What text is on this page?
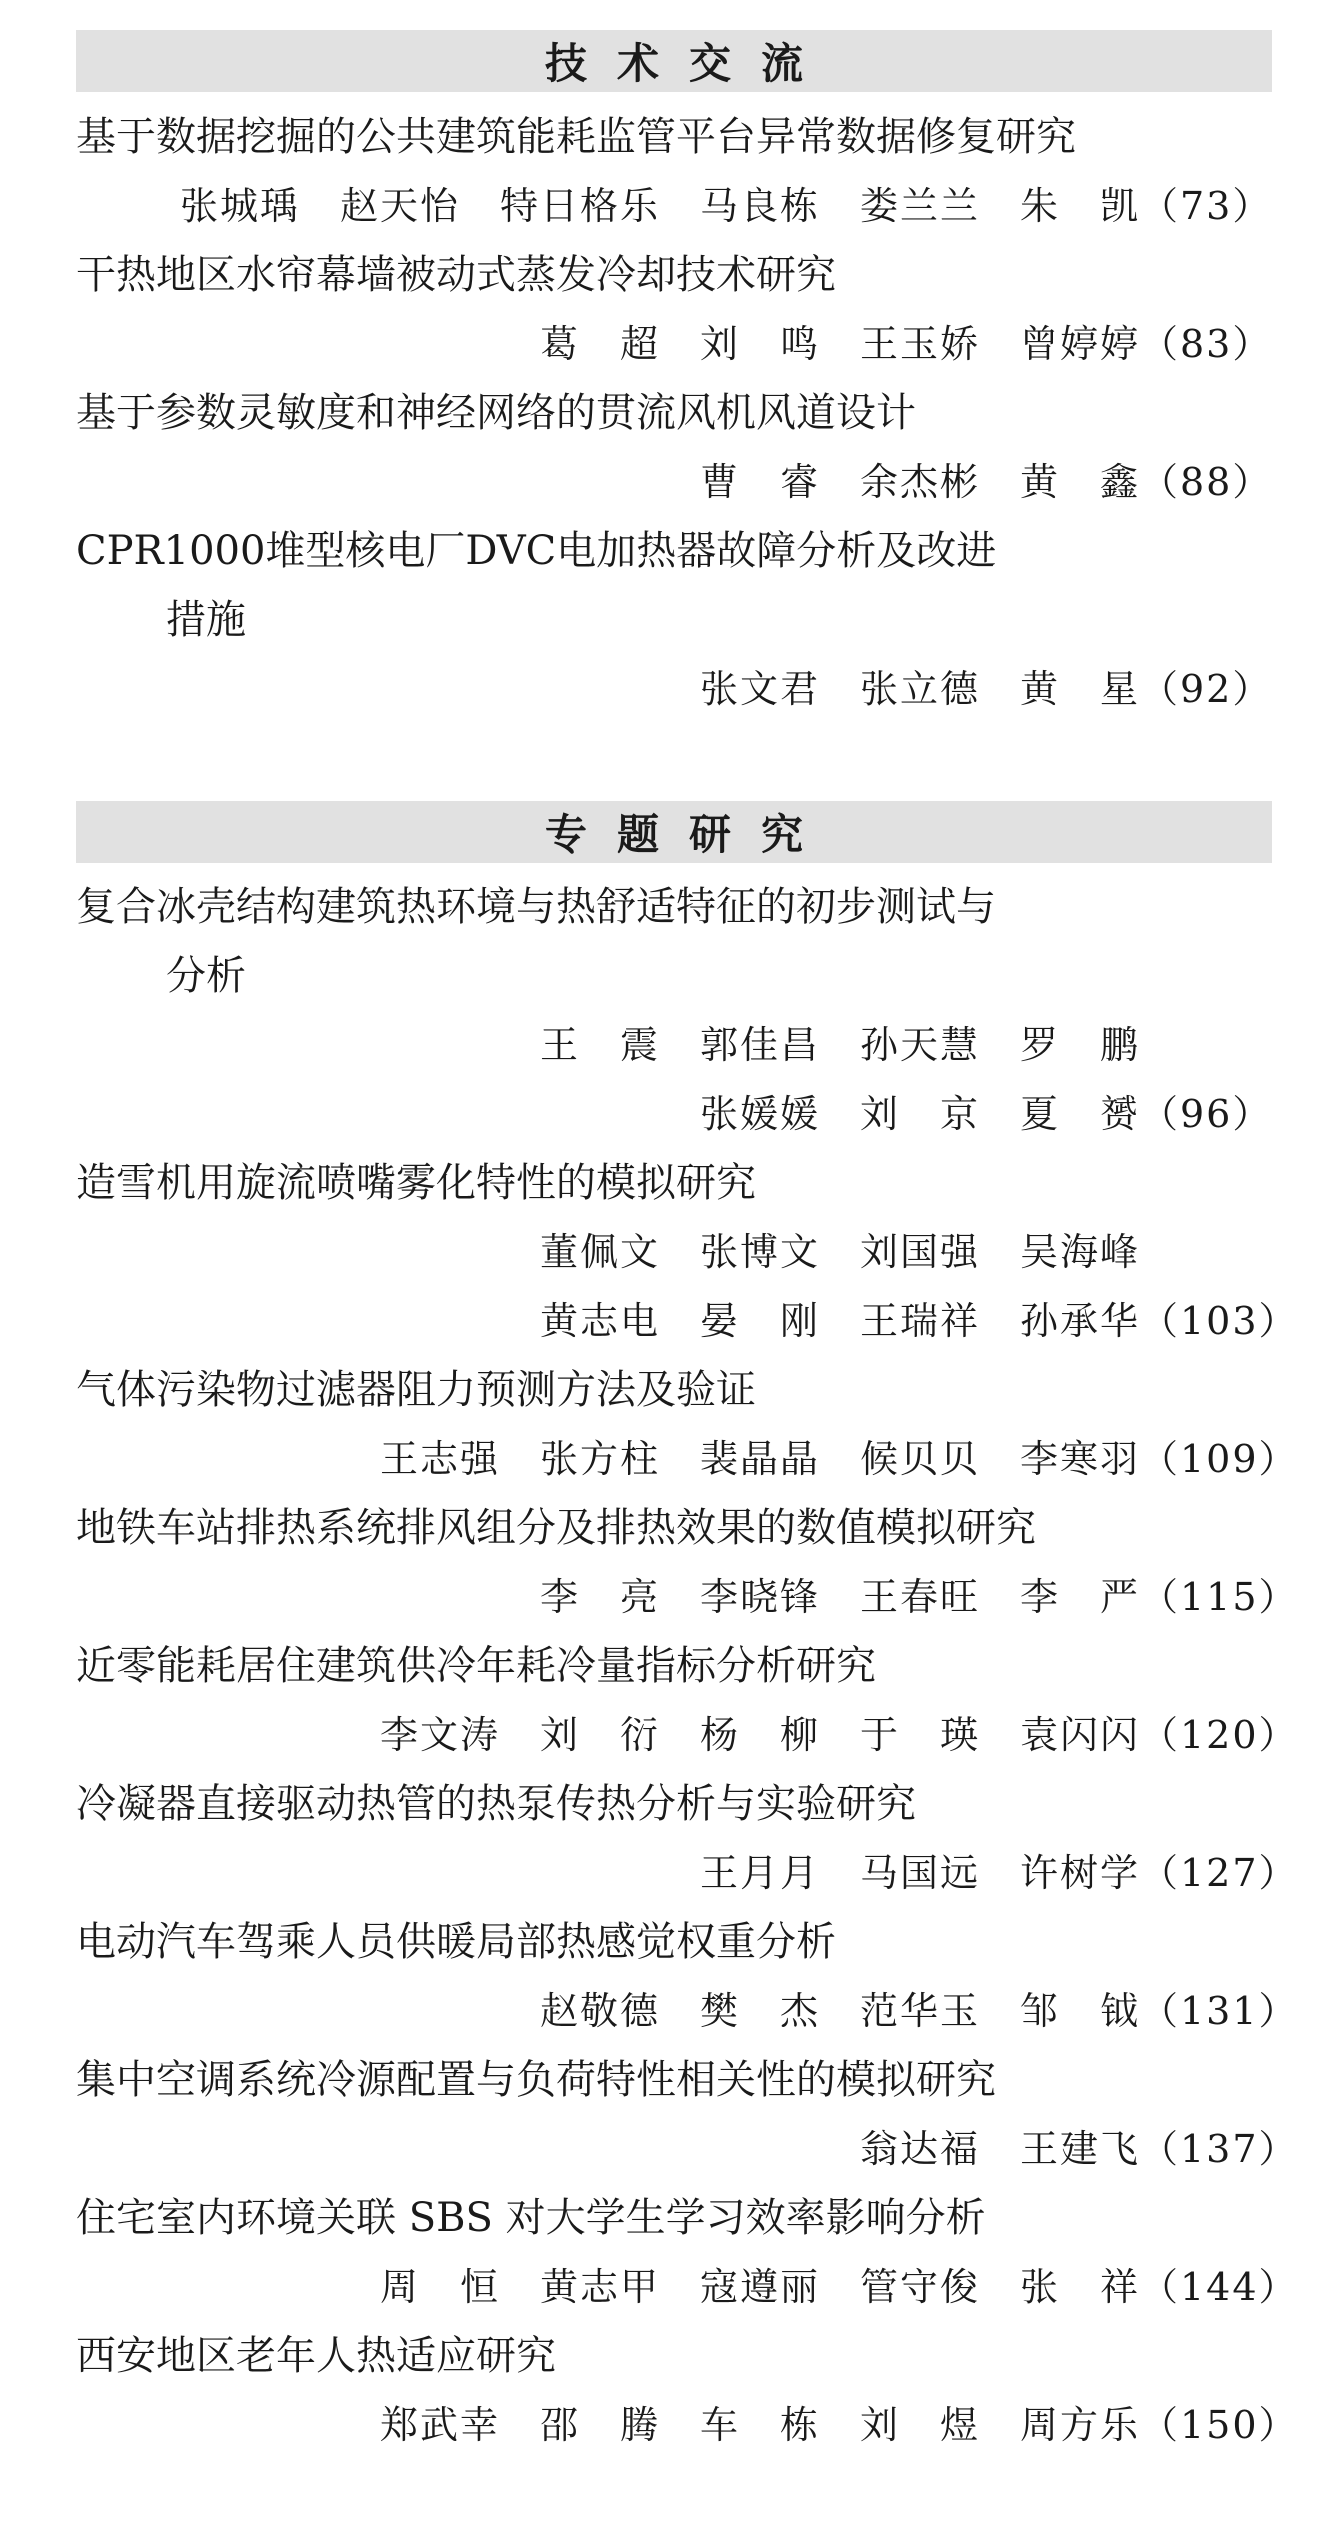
技术交流
基于数据挖掘的公共建筑能耗监管平台异常数据修复研究
张城瑀　赵天怡　特日格乐　马良栋　娄兰兰　朱　凯 （73）
干热地区水帘幕墙被动式蒸发冷却技术研究
葛　超　刘　鸣　王玉娇　曾婷婷 （83）
基于参数灵敏度和神经网络的贯流风机风道设计
曹　睿　余杰彬　黄　鑫 （88）
CPR1000堆型核电厂DVC电加热器故障分析及改进
措施
张文君　张立德　黄　星 （92）
专题研究
复合冰壳结构建筑热环境与热舒适特征的初步测试与
分析
王　震　郭佳昌　孙天慧　罗　鹏
张媛媛　刘　京　夏　赟 （96）
造雪机用旋流喷嘴雾化特性的模拟研究
董佩文　张博文　刘国强　吴海峰
黄志电　晏　刚　王瑞祥　孙承华 （103）
气体污染物过滤器阻力预测方法及验证
王志强　张方柱　裴晶晶　候贝贝　李寒羽 （109）
地铁车站排热系统排风组分及排热效果的数值模拟研究
李　亮　李晓锋　王春旺　李　严 （115）
近零能耗居住建筑供冷年耗冷量指标分析研究
李文涛　刘　衍　杨　柳　于　瑛　袁闪闪 （120）
冷凝器直接驱动热管的热泵传热分析与实验研究
王月月　马国远　许树学 （127）
电动汽车驾乘人员供暖局部热感觉权重分析
赵敬德　樊　杰　范华玉　邹　钺 （131）
集中空调系统冷源配置与负荷特性相关性的模拟研究
翁达福　王建飞 （137）
住宅室内环境关联 SBS 对大学生学习效率影响分析
周　恒　黄志甲　寇遵丽　管守俊　张　祥 （144）
西安地区老年人热适应研究
郑武幸　邵　腾　车　栋　刘　煜　周方乐 （150）
